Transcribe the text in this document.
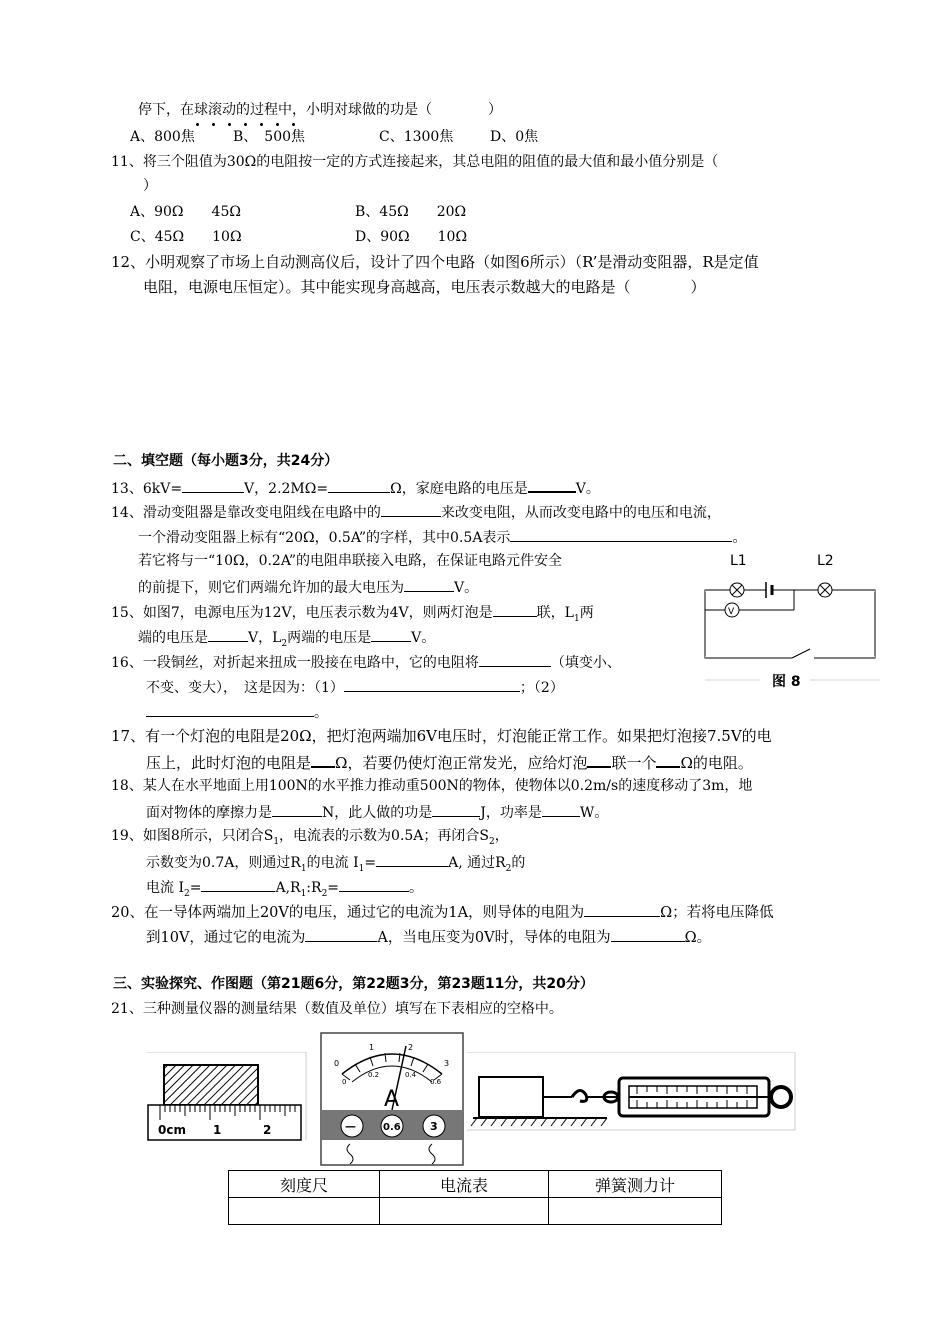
停下，在球滚动的过程中，小明对球做的功是（　　　　）
A、800焦	B、　500焦	C、1300焦	D、0焦
11、将三个阻值为30Ω的电阻按一定的方式连接起来，其总电阻的阻值的最大值和最小值分别是（
）
A、90Ω　　45Ω	B、45Ω　　20Ω
C、45Ω　　10Ω	D、90Ω　　10Ω
12、小明观察了市场上自动测高仪后，设计了四个电路（如图6所示）（R’是滑动变阻器，R是定值
电阻，电源电压恒定）。其中能实现身高越高，电压表示数越大的电路是（　　　　）
二、填空题（每小题3分，共24分）
13、6kV=	V，2.2MΩ=	Ω，家庭电路的电压是	V。
14、滑动变阻器是靠改变电阻线在电路中的	来改变电阻，从而改变电路中的电压和电流，
一个滑动变阻器上标有“20Ω，0.5A”的字样，其中0.5A表示	。
若它将与一“10Ω，0.2A”的电阻串联接入电路，在保证电路元件安全
的前提下，则它们两端允许加的最大电压为	V。
15、如图7，电源电压为12V，电压表示数为4V，则两灯泡是	联，$L_1$两
端的电压是	V，$L_2$两端的电压是	V。
16、一段铜丝，对折起来扭成一股接在电路中，它的电阻将	（填变小、
不变、变大），　这是因为：（1）	；（2）
。
L1	L2
V
图 8
17、有一个灯泡的电阻是20Ω，把灯泡两端加6V电压时，灯泡能正常工作。如果把灯泡接7.5V的电
压上，此时灯泡的电阻是 Ω，若要仍使灯泡正常发光，应给灯泡 联一个 Ω的电阻。
18、某人在水平地面上用100N的水平推力推动重500N的物体，使物体以0.2m/s的速度移动了3m，地
面对物体的摩擦力是	N，此人做的功是	J，功率是	W。
19、如图8所示，只闭合$S_1$，电流表的示数为0.5A；再闭合$S_2$，
示数变为0.7A，则通过$R_1$的电流 $I_1=$	A, 通过$R_2$的
电流 $I_2=$	$A,R_1:R_2=$	。
20、在一导体两端加上20V的电压，通过它的电流为1A，则导体的电阻为	Ω；若将电压降低
到10V，通过它的电流为	A，当电压变为0V时，导体的电阻为	Ω。
三、实验探究、作图题（第21题6分，第22题3分，第23题11分，共20分）
21、三种测量仪器的测量结果（数值及单位）填写在下表相应的空格中。
0cm 1	2
0
1	2
3
0
0.2	0.4
0.6
A
—	0.6	3
刻度尺	电流表	弹簧测力计
